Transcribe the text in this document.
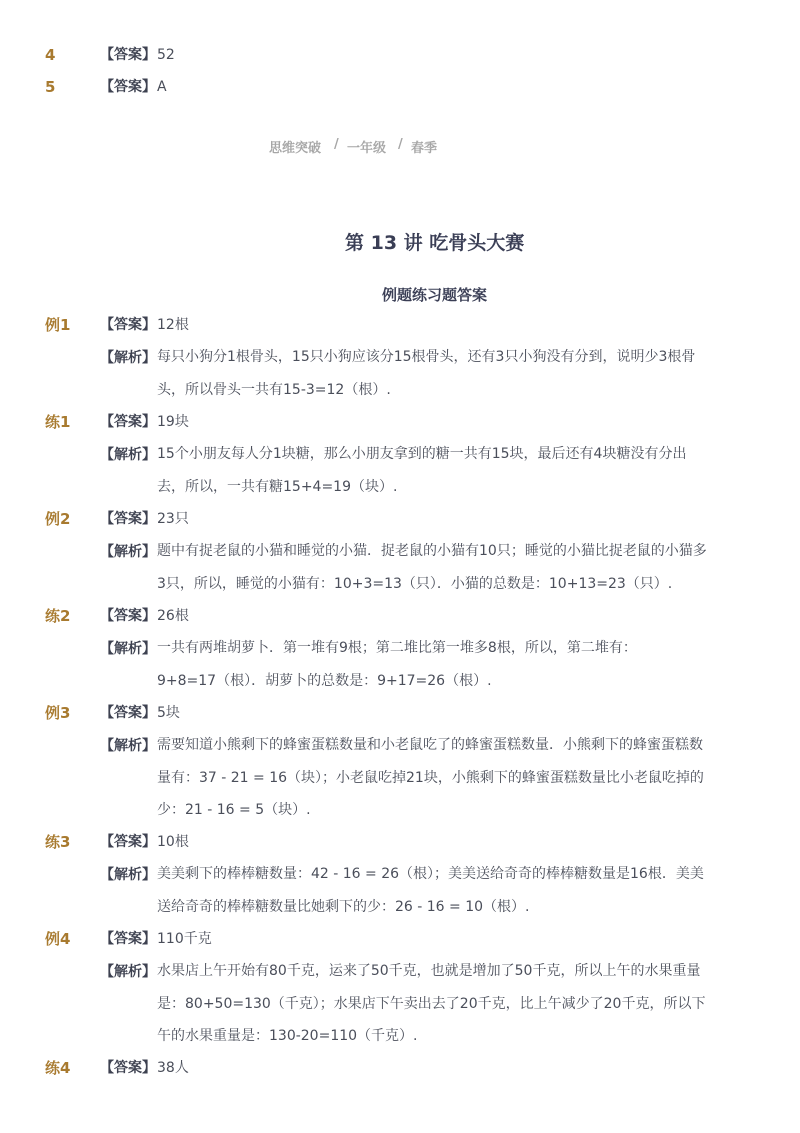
4	【答案】 52
5	【答案】 A
思维突破 / 一年级 / 春季
第 13 讲 吃骨头大赛
例题练习题答案
例1 【答案】 12根
【解析】 每只小狗分1根骨头，15只小狗应该分15根骨头，还有3只小狗没有分到，说明少3根骨
头，所以骨头一共有15-3=12（根）.
练1 【答案】 19块
【解析】 15个小朋友每人分1块糖，那么小朋友拿到的糖一共有15块，最后还有4块糖没有分出
去，所以，一共有糖15+4=19（块）.
例2 【答案】 23只
【解析】 题中有捉老鼠的小猫和睡觉的小猫．捉老鼠的小猫有10只；睡觉的小猫比捉老鼠的小猫多
3只，所以，睡觉的小猫有：10+3=13（只）．小猫的总数是：10+13=23（只）.
练2 【答案】 26根
【解析】 一共有两堆胡萝卜．第一堆有9根；第二堆比第一堆多8根，所以，第二堆有：
9+8=17（根）．胡萝卜的总数是：9+17=26（根）.
例3 【答案】 5块
【解析】 需要知道小熊剩下的蜂蜜蛋糕数量和小老鼠吃了的蜂蜜蛋糕数量．小熊剩下的蜂蜜蛋糕数
量有：37 - 21 = 16（块）；小老鼠吃掉21块，小熊剩下的蜂蜜蛋糕数量比小老鼠吃掉的
少：21 - 16 = 5（块）.
练3 【答案】 10根
【解析】 美美剩下的棒棒糖数量：42 - 16 = 26（根）；美美送给奇奇的棒棒糖数量是16根．美美
送给奇奇的棒棒糖数量比她剩下的少：26 - 16 = 10（根）.
例4 【答案】 110千克
【解析】 水果店上午开始有80千克，运来了50千克，也就是增加了50千克，所以上午的水果重量
是：80+50=130（千克）；水果店下午卖出去了20千克，比上午减少了20千克，所以下
午的水果重量是：130-20=110（千克）.
练4 【答案】 38人
